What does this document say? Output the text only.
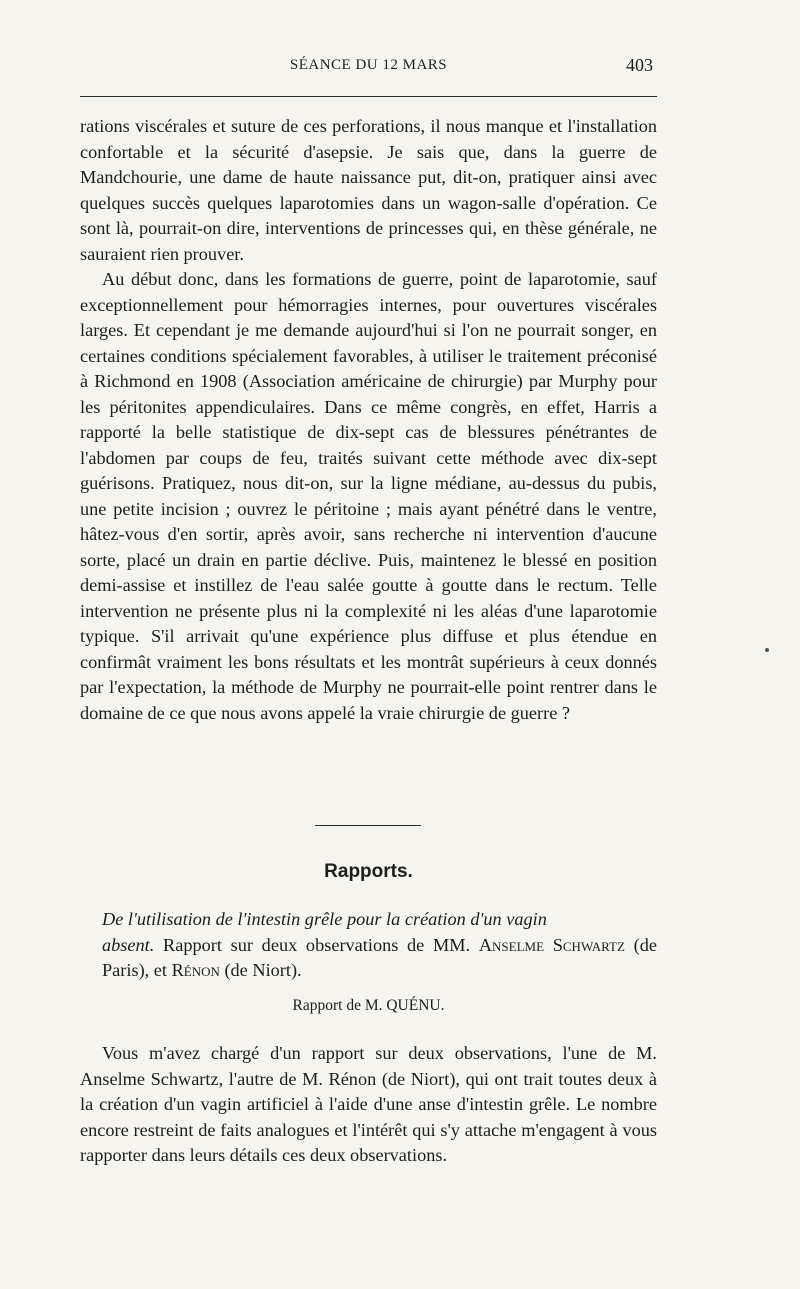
SÉANCE DU 12 MARS	403

rations viscérales et suture de ces perforations, il nous manque et l'installation confortable et la sécurité d'asepsie. Je sais que, dans la guerre de Mandchourie, une dame de haute naissance put, dit-on, pratiquer ainsi avec quelques succès quelques laparotomies dans un wagon-salle d'opération. Ce sont là, pourrait-on dire, interventions de princesses qui, en thèse générale, ne sauraient rien prouver.

Au début donc, dans les formations de guerre, point de laparotomie, sauf exceptionnellement pour hémorragies internes, pour ouvertures viscérales larges. Et cependant je me demande aujourd'hui si l'on ne pourrait songer, en certaines conditions spécialement favorables, à utiliser le traitement préconisé à Richmond en 1908 (Association américaine de chirurgie) par Murphy pour les péritonites appendiculaires. Dans ce même congrès, en effet, Harris a rapporté la belle statistique de dix-sept cas de blessures pénétrantes de l'abdomen par coups de feu, traités suivant cette méthode avec dix-sept guérisons. Pratiquez, nous dit-on, sur la ligne médiane, au-dessus du pubis, une petite incision ; ouvrez le péritoine ; mais ayant pénétré dans le ventre, hâtez-vous d'en sortir, après avoir, sans recherche ni intervention d'aucune sorte, placé un drain en partie déclive. Puis, maintenez le blessé en position demi-assise et instillez de l'eau salée goutte à goutte dans le rectum. Telle intervention ne présente plus ni la complexité ni les aléas d'une laparotomie typique. S'il arrivait qu'une expérience plus diffuse et plus étendue en confirmât vraiment les bons résultats et les montrât supérieurs à ceux donnés par l'expectation, la méthode de Murphy ne pourrait-elle point rentrer dans le domaine de ce que nous avons appelé la vraie chirurgie de guerre ?

Rapports.

De l'utilisation de l'intestin grêle pour la création d'un vagin

absent. Rapport sur deux observations de MM. Anselme Schwartz (de Paris), et Rénon (de Niort).

Rapport de M. QUÉNU.

Vous m'avez chargé d'un rapport sur deux observations, l'une de M. Anselme Schwartz, l'autre de M. Rénon (de Niort), qui ont trait toutes deux à la création d'un vagin artificiel à l'aide d'une anse d'intestin grêle. Le nombre encore restreint de faits analogues et l'intérêt qui s'y attache m'engagent à vous rapporter dans leurs détails ces deux observations.
